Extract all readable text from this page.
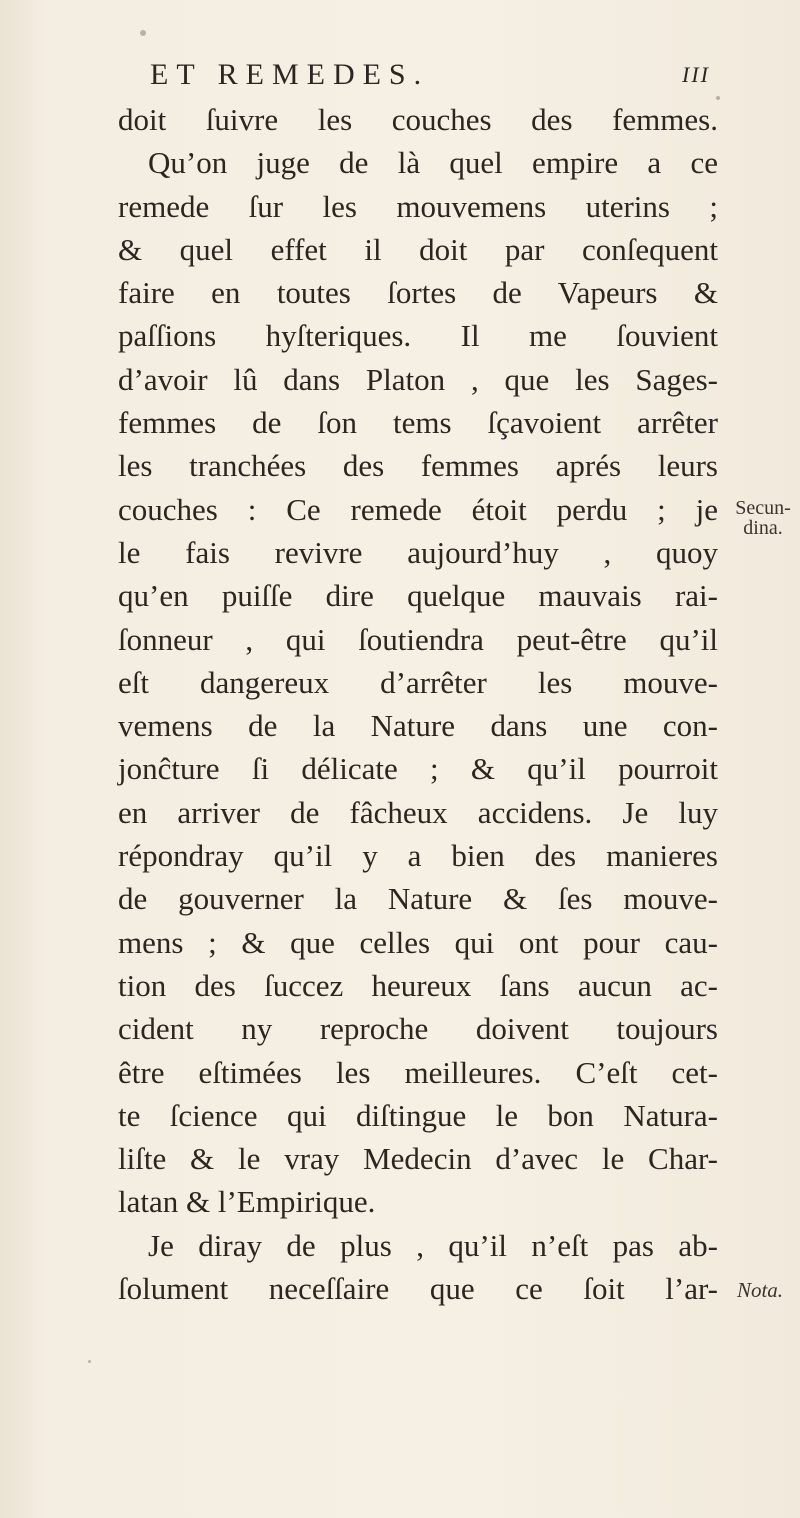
ET REMEDES.	III
doit ſuivre les couches des femmes.
Qu’on juge de là quel empire a ce
remede ſur les mouvemens uterins ;
& quel effet il doit par conſequent
faire en toutes ſortes de Vapeurs &
paſſions hyſteriques. Il me ſouvient
d’avoir lû dans Platon , que les Sages-
femmes de ſon tems ſçavoient arrêter
les tranchées des femmes aprés leurs
couches : Ce remede étoit perdu ; je
le fais revivre aujourd’huy , quoy
qu’en puiſſe dire quelque mauvais rai-
ſonneur , qui ſoutiendra peut-être qu’il
eſt dangereux d’arrêter les mouve-
vemens de la Nature dans une con-
jonĉture ſi délicate ; & qu’il pourroit
en arriver de fâcheux accidens. Je luy
répondray qu’il y a bien des manieres
de gouverner la Nature & ſes mouve-
mens ; & que celles qui ont pour cau-
tion des ſuccez heureux ſans aucun ac-
cident ny reproche doivent toujours
être eſtimées les meilleures. C’eſt cet-
te ſcience qui diſtingue le bon Natura-
liſte & le vray Medecin d’avec le Char-
latan & l’Empirique.
Je diray de plus , qu’il n’eſt pas ab-
ſolument neceſſaire que ce ſoit l’ar-
Secun-
dina.
Nota.
